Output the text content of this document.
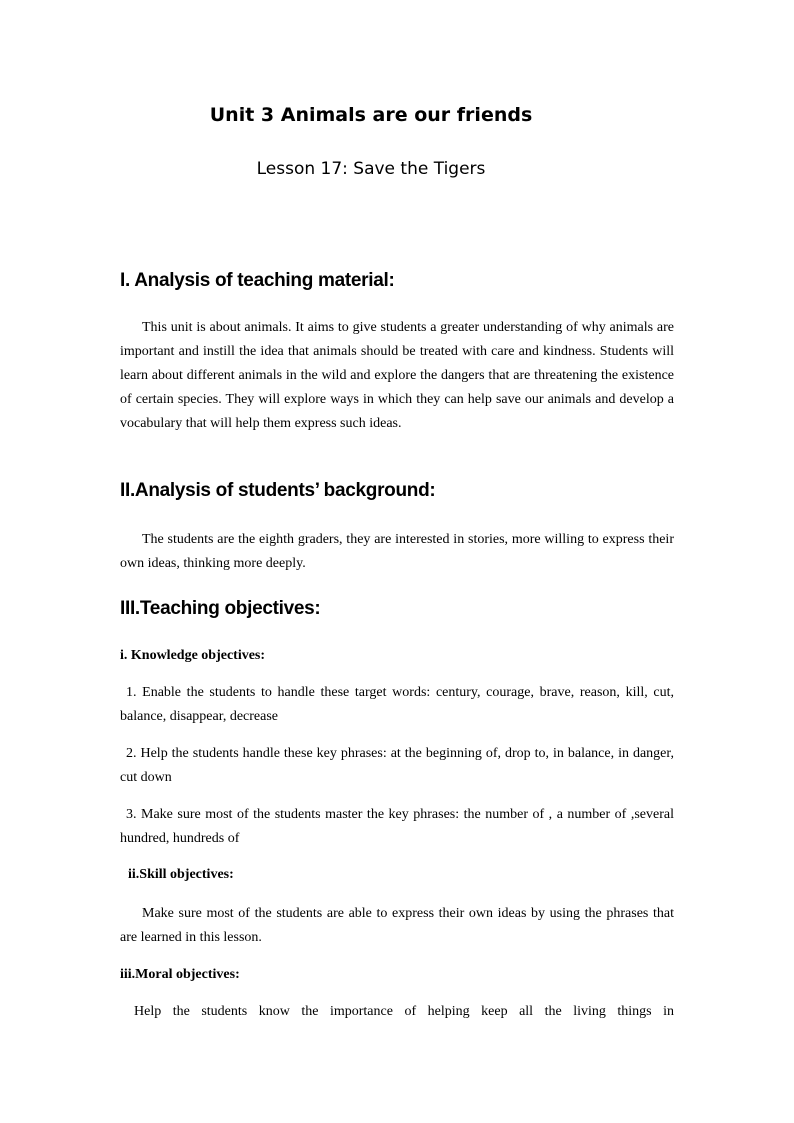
Unit 3 Animals are our friends
Lesson 17: Save the Tigers
I. Analysis of teaching material:

This unit is about animals. It aims to give students a greater understanding of why animals are important and instill the idea that animals should be treated with care and kindness. Students will learn about different animals in the wild and explore the dangers that are threatening the existence of certain species. They will explore ways in which they can help save our animals and develop a vocabulary that will help them express such ideas.

II.Analysis of students’ background:

The students are the eighth graders, they are interested in stories, more willing to express their own ideas, thinking more deeply.

III.Teaching objectives:
i. Knowledge objectives:

1. Enable the students to handle these target words: century, courage, brave, reason, kill, cut, balance, disappear, decrease

2. Help the students handle these key phrases: at the beginning of, drop to, in balance, in danger, cut down

3. Make sure most of the students master the key phrases: the number of , a number of ,several hundred, hundreds of

ii.Skill objectives:

Make sure most of the students are able to express their own ideas by using the phrases that are learned in this lesson.

iii.Moral objectives:

Help the students know the importance of helping keep all the living things in
